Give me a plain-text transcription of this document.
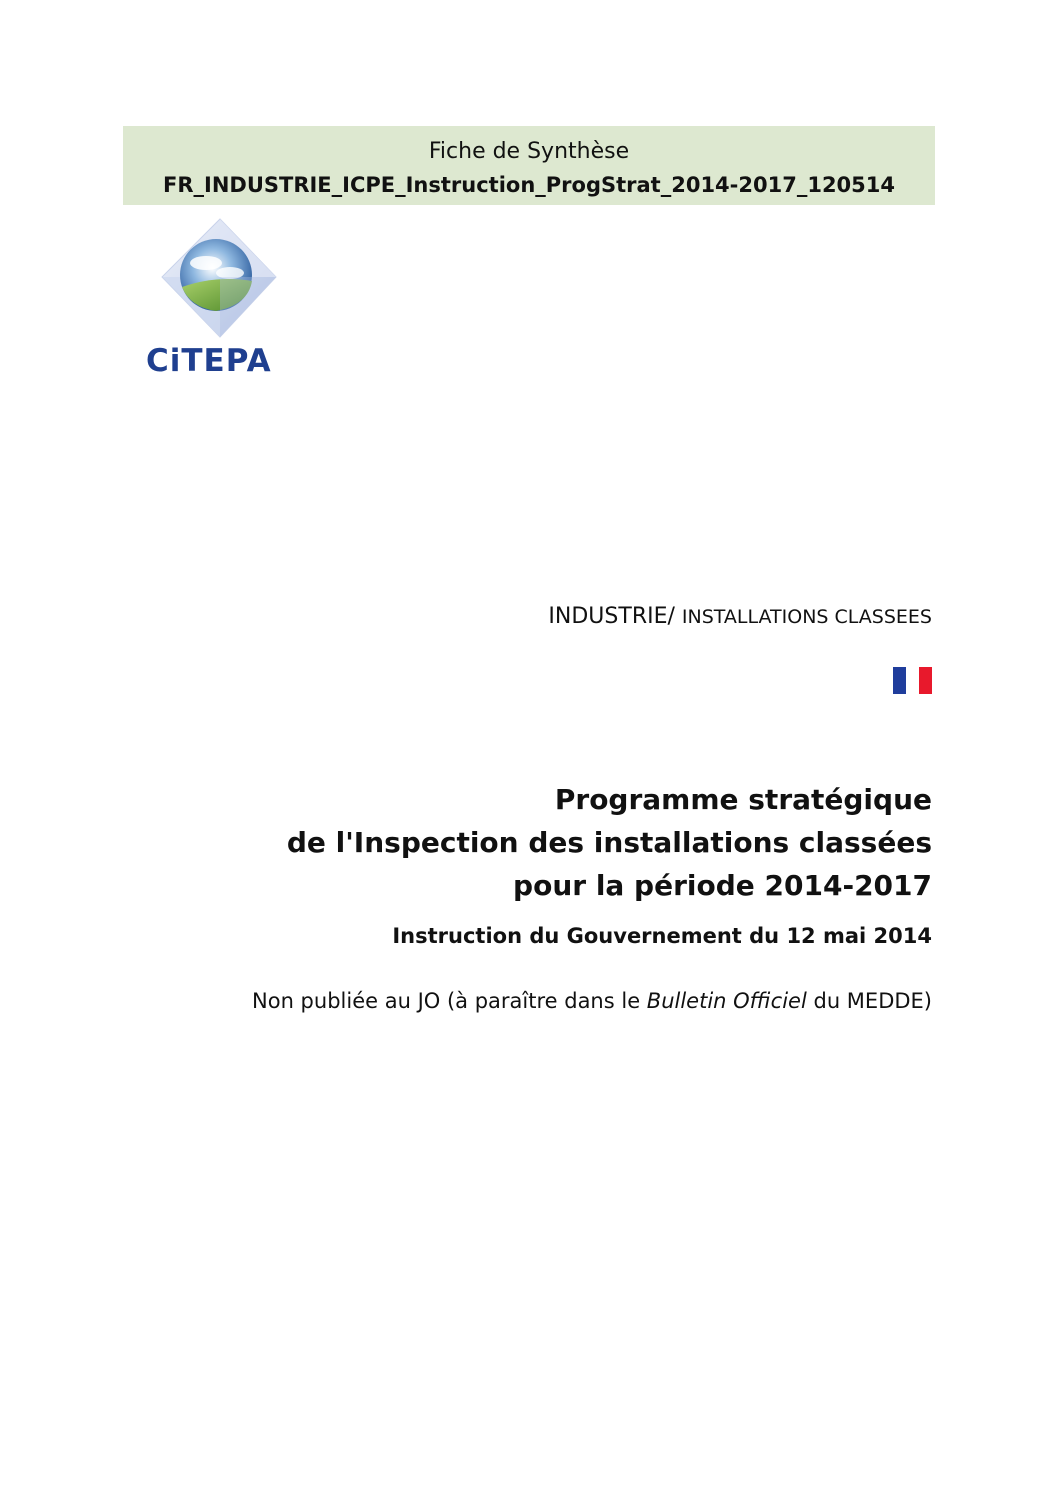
Fiche de Synthèse
FR_INDUSTRIE_ICPE_Instruction_ProgStrat_2014-2017_120514
CiTEPA
INDUSTRIE/ INSTALLATIONS CLASSEES
Programme stratégique
de l'Inspection des installations classées
pour la période 2014-2017
Instruction du Gouvernement du 12 mai 2014
Non publiée au JO (à paraître dans le Bulletin Officiel du MEDDE)
